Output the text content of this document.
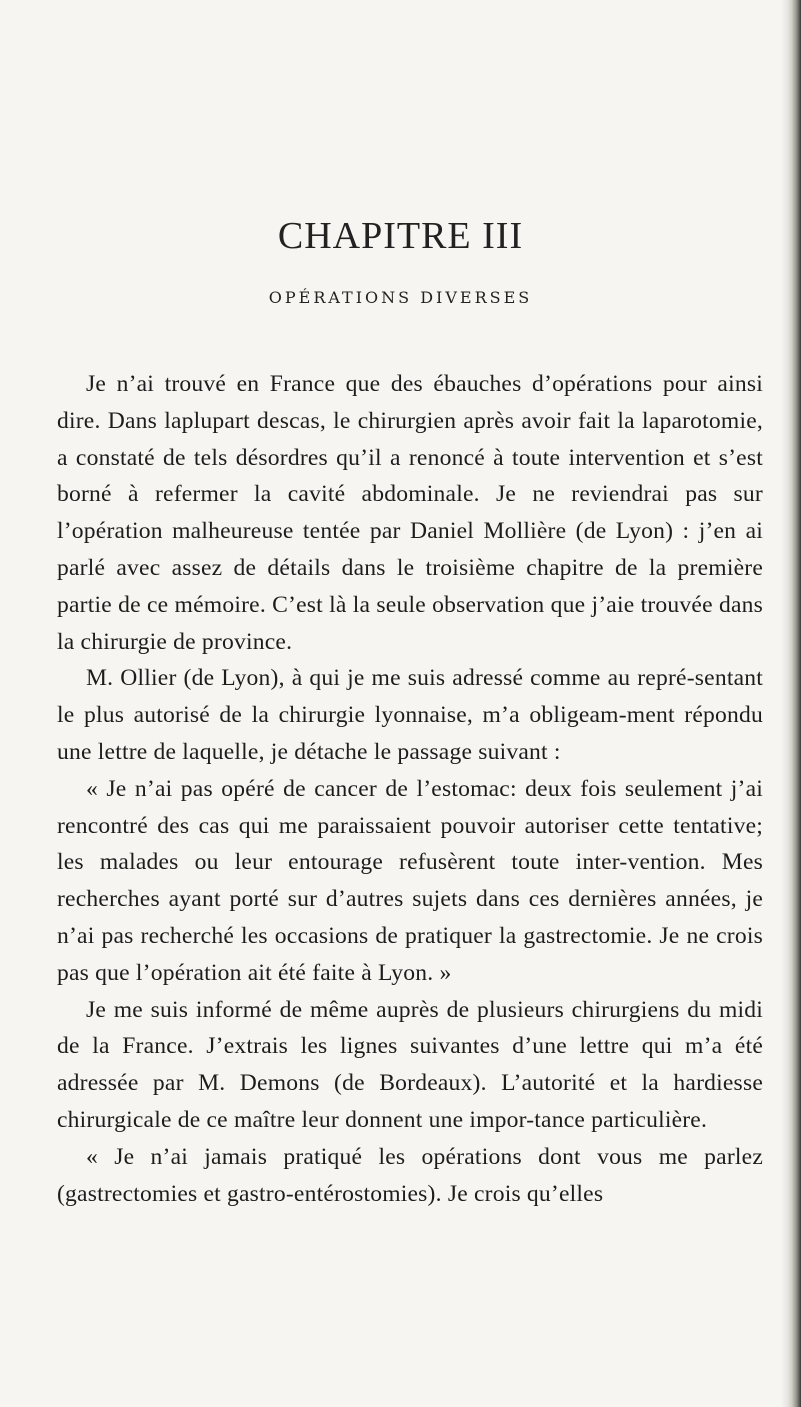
CHAPITRE III
OPÉRATIONS DIVERSES

Je n’ai trouvé en France que des ébauches d’opérations pour ainsi dire. Dans laplupart descas, le chirurgien après avoir fait la laparotomie, a constaté de tels désordres qu’il a renoncé à toute intervention et s’est borné à refermer la cavité abdominale. Je ne reviendrai pas sur l’opération malheureuse tentée par Daniel Mollière (de Lyon) : j’en ai parlé avec assez de détails dans le troisième chapitre de la première partie de ce mémoire. C’est là la seule observation que j’aie trouvée dans la chirurgie de province.

M. Ollier (de Lyon), à qui je me suis adressé comme au repré-sentant le plus autorisé de la chirurgie lyonnaise, m’a obligeam-ment répondu une lettre de laquelle, je détache le passage suivant :

« Je n’ai pas opéré de cancer de l’estomac: deux fois seulement j’ai rencontré des cas qui me paraissaient pouvoir autoriser cette tentative; les malades ou leur entourage refusèrent toute inter-vention. Mes recherches ayant porté sur d’autres sujets dans ces dernières années, je n’ai pas recherché les occasions de pratiquer la gastrectomie. Je ne crois pas que l’opération ait été faite à Lyon. »

Je me suis informé de même auprès de plusieurs chirurgiens du midi de la France. J’extrais les lignes suivantes d’une lettre qui m’a été adressée par M. Demons (de Bordeaux). L’autorité et la hardiesse chirurgicale de ce maître leur donnent une impor-tance particulière.

« Je n’ai jamais pratiqué les opérations dont vous me parlez (gastrectomies et gastro-entérostomies). Je crois qu’elles
